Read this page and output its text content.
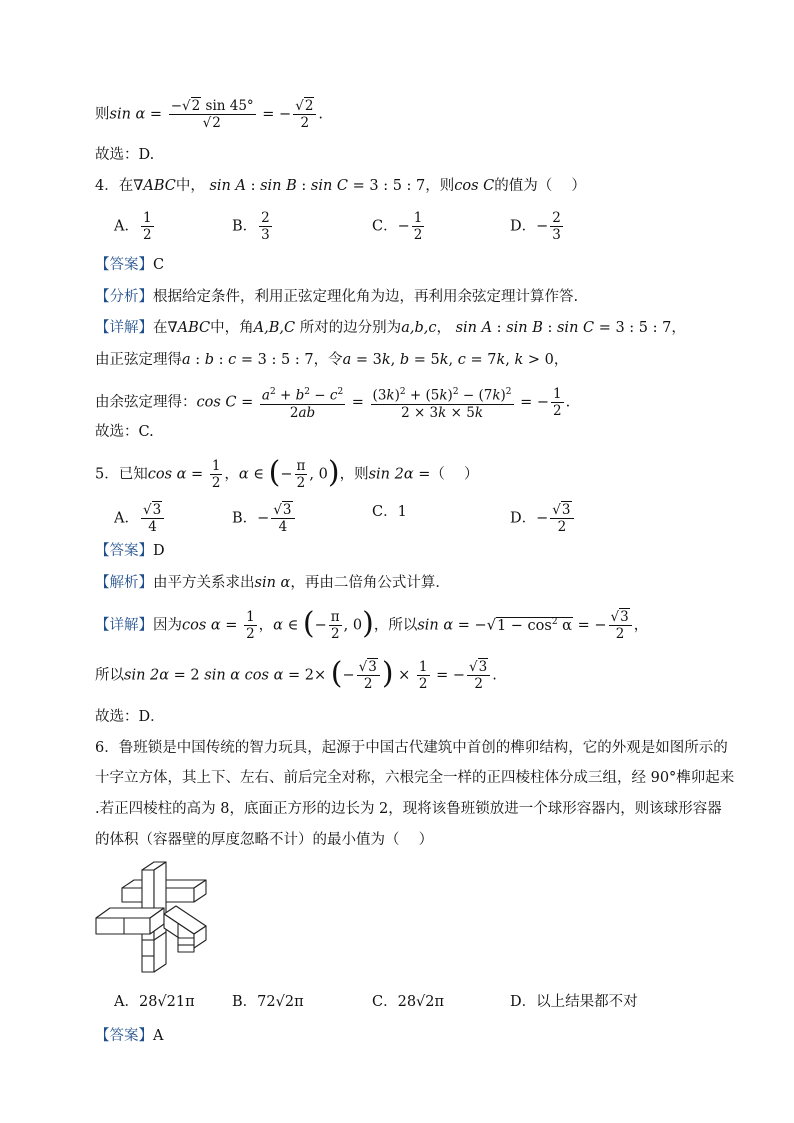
则$\sin \alpha = \frac{-√2 \sin 45^\circ}{√2}$ = − $\frac{√2}{2}$ .
故选：D.
4．在∇ABC中， sin A : sin B : sin C = 3 : 5 : 7，则cos C的值为（　 ）
A． $\frac{1}{2}$	B． $\frac{2}{3}$	C．− $\frac{1}{2}$	D．− $\frac{2}{3}$
【答案】C
【分析】根据给定条件，利用正弦定理化角为边，再利用余弦定理计算作答.
【详解】在∇ABC中，角A,B,C 所对的边分别为a,b,c， sin A : sin B : sin C = 3 : 5 : 7，
由正弦定理得a : b : c = 3 : 5 : 7，令a = 3k, b = 5k, c = 7k, k > 0，
由余弦定理得：$\cos C = \frac{a^2 + b^2 - c^2}{2ab} = \frac{(3k)^2 + (5k)^2 - (7k)^2}{2 \times 3k \times 5k}$ = − $\frac{1}{2}$ .
故选：C.
5．已知$\cos \alpha = \frac{1}{2}$ ，α ∈ (− $\frac{\pi}{2}$ , 0)，则sin 2α =（　 ）
A． $\frac{√3}{4}$	B．− $\frac{√3}{4}$	C．1	D．− $\frac{√3}{2}$
【答案】D
【解析】由平方关系求出sin α，再由二倍角公式计算．
【详解】因为$\cos \alpha = \frac{1}{2}$ ，α ∈ (− $\frac{\pi}{2}$ , 0)，所以$\sin \alpha = -√1 - \cos^2 \alpha$ = − $\frac{√3}{2}$ ，
所以sin 2α = 2 sin α cos α = 2× (− $\frac{√3}{2}$ ) × $\frac{1}{2}$ = − $\frac{√3}{2}$ .
故选：D．
6．鲁班锁是中国传统的智力玩具，起源于中国古代建筑中首创的榫卯结构，它的外观是如图所示的
十字立方体，其上下、左右、前后完全对称，六根完全一样的正四棱柱体分成三组，经 90°榫卯起来
.若正四棱柱的高为 8，底面正方形的边长为 2，现将该鲁班锁放进一个球形容器内，则该球形容器
的体积（容器壁的厚度忽略不计）的最小值为（　 ）
A．28√21π	B．72√2π	C．28√2π	D．以上结果都不对
【答案】A
